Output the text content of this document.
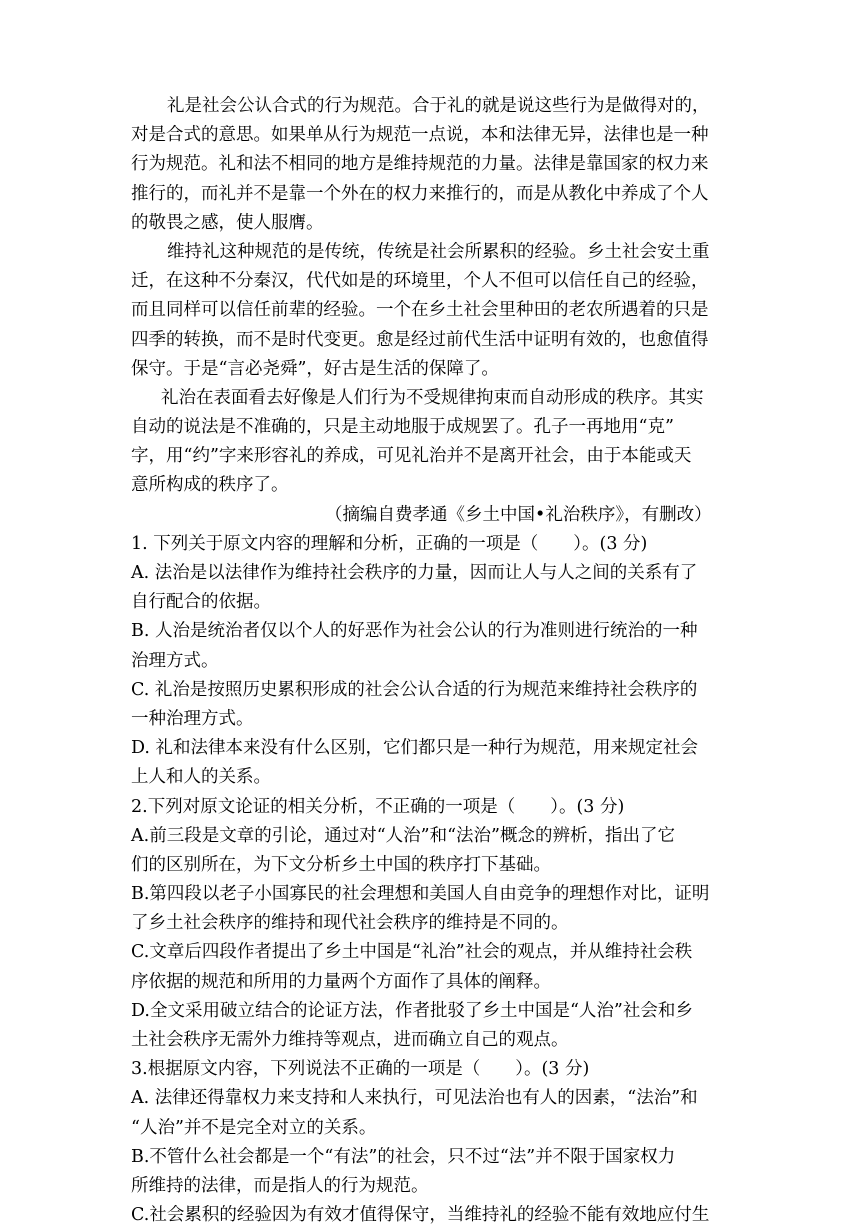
礼是社会公认合式的行为规范。合于礼的就是说这些行为是做得对的，
对是合式的意思。如果单从行为规范一点说，本和法律无异，法律也是一种
行为规范。礼和法不相同的地方是维持规范的力量。法律是靠国家的权力来
推行的，而礼并不是靠一个外在的权力来推行的，而是从教化中养成了个人
的敬畏之感，使人服膺。
维持礼这种规范的是传统，传统是社会所累积的经验。乡土社会安土重
迁，在这种不分秦汉，代代如是的环境里，个人不但可以信任自己的经验，
而且同样可以信任前辈的经验。一个在乡土社会里种田的老农所遇着的只是
四季的转换，而不是时代变更。愈是经过前代生活中证明有效的，也愈值得
保守。于是“言必尧舜”，好古是生活的保障了。
礼治在表面看去好像是人们行为不受规律拘束而自动形成的秩序。其实
自动的说法是不准确的，只是主动地服于成规罢了。孔子一再地用“克”
字，用“约”字来形容礼的养成，可见礼治并不是离开社会，由于本能或天
意所构成的秩序了。
（摘编自费孝通《乡土中国•礼治秩序》，有删改）
1. 下列关于原文内容的理解和分析，正确的一项是（　　）。(3 分)
A. 法治是以法律作为维持社会秩序的力量，因而让人与人之间的关系有了
自行配合的依据。
B. 人治是统治者仅以个人的好恶作为社会公认的行为准则进行统治的一种
治理方式。
C. 礼治是按照历史累积形成的社会公认合适的行为规范来维持社会秩序的
一种治理方式。
D. 礼和法律本来没有什么区别，它们都只是一种行为规范，用来规定社会
上人和人的关系。
2.下列对原文论证的相关分析，不正确的一项是（　　）。(3 分)
A.前三段是文章的引论，通过对“人治”和“法治”概念的辨析，指出了它
们的区别所在，为下文分析乡土中国的秩序打下基础。
B.第四段以老子小国寡民的社会理想和美国人自由竞争的理想作对比，证明
了乡土社会秩序的维持和现代社会秩序的维持是不同的。
C.文章后四段作者提出了乡土中国是“礼治”社会的观点，并从维持社会秩
序依据的规范和所用的力量两个方面作了具体的阐释。
D.全文采用破立结合的论证方法，作者批驳了乡土中国是“人治”社会和乡
土社会秩序无需外力维持等观点，进而确立自己的观点。
3.根据原文内容，下列说法不正确的一项是（　　）。(3 分)
A. 法律还得靠权力来支持和人来执行，可见法治也有人的因素，“法治”和
“人治”并不是完全对立的关系。
B.不管什么社会都是一个“有法”的社会，只不过“法”并不限于国家权力
所维持的法律，而是指人的行为规范。
C.社会累积的经验因为有效才值得保守，当维持礼的经验不能有效地应付生
